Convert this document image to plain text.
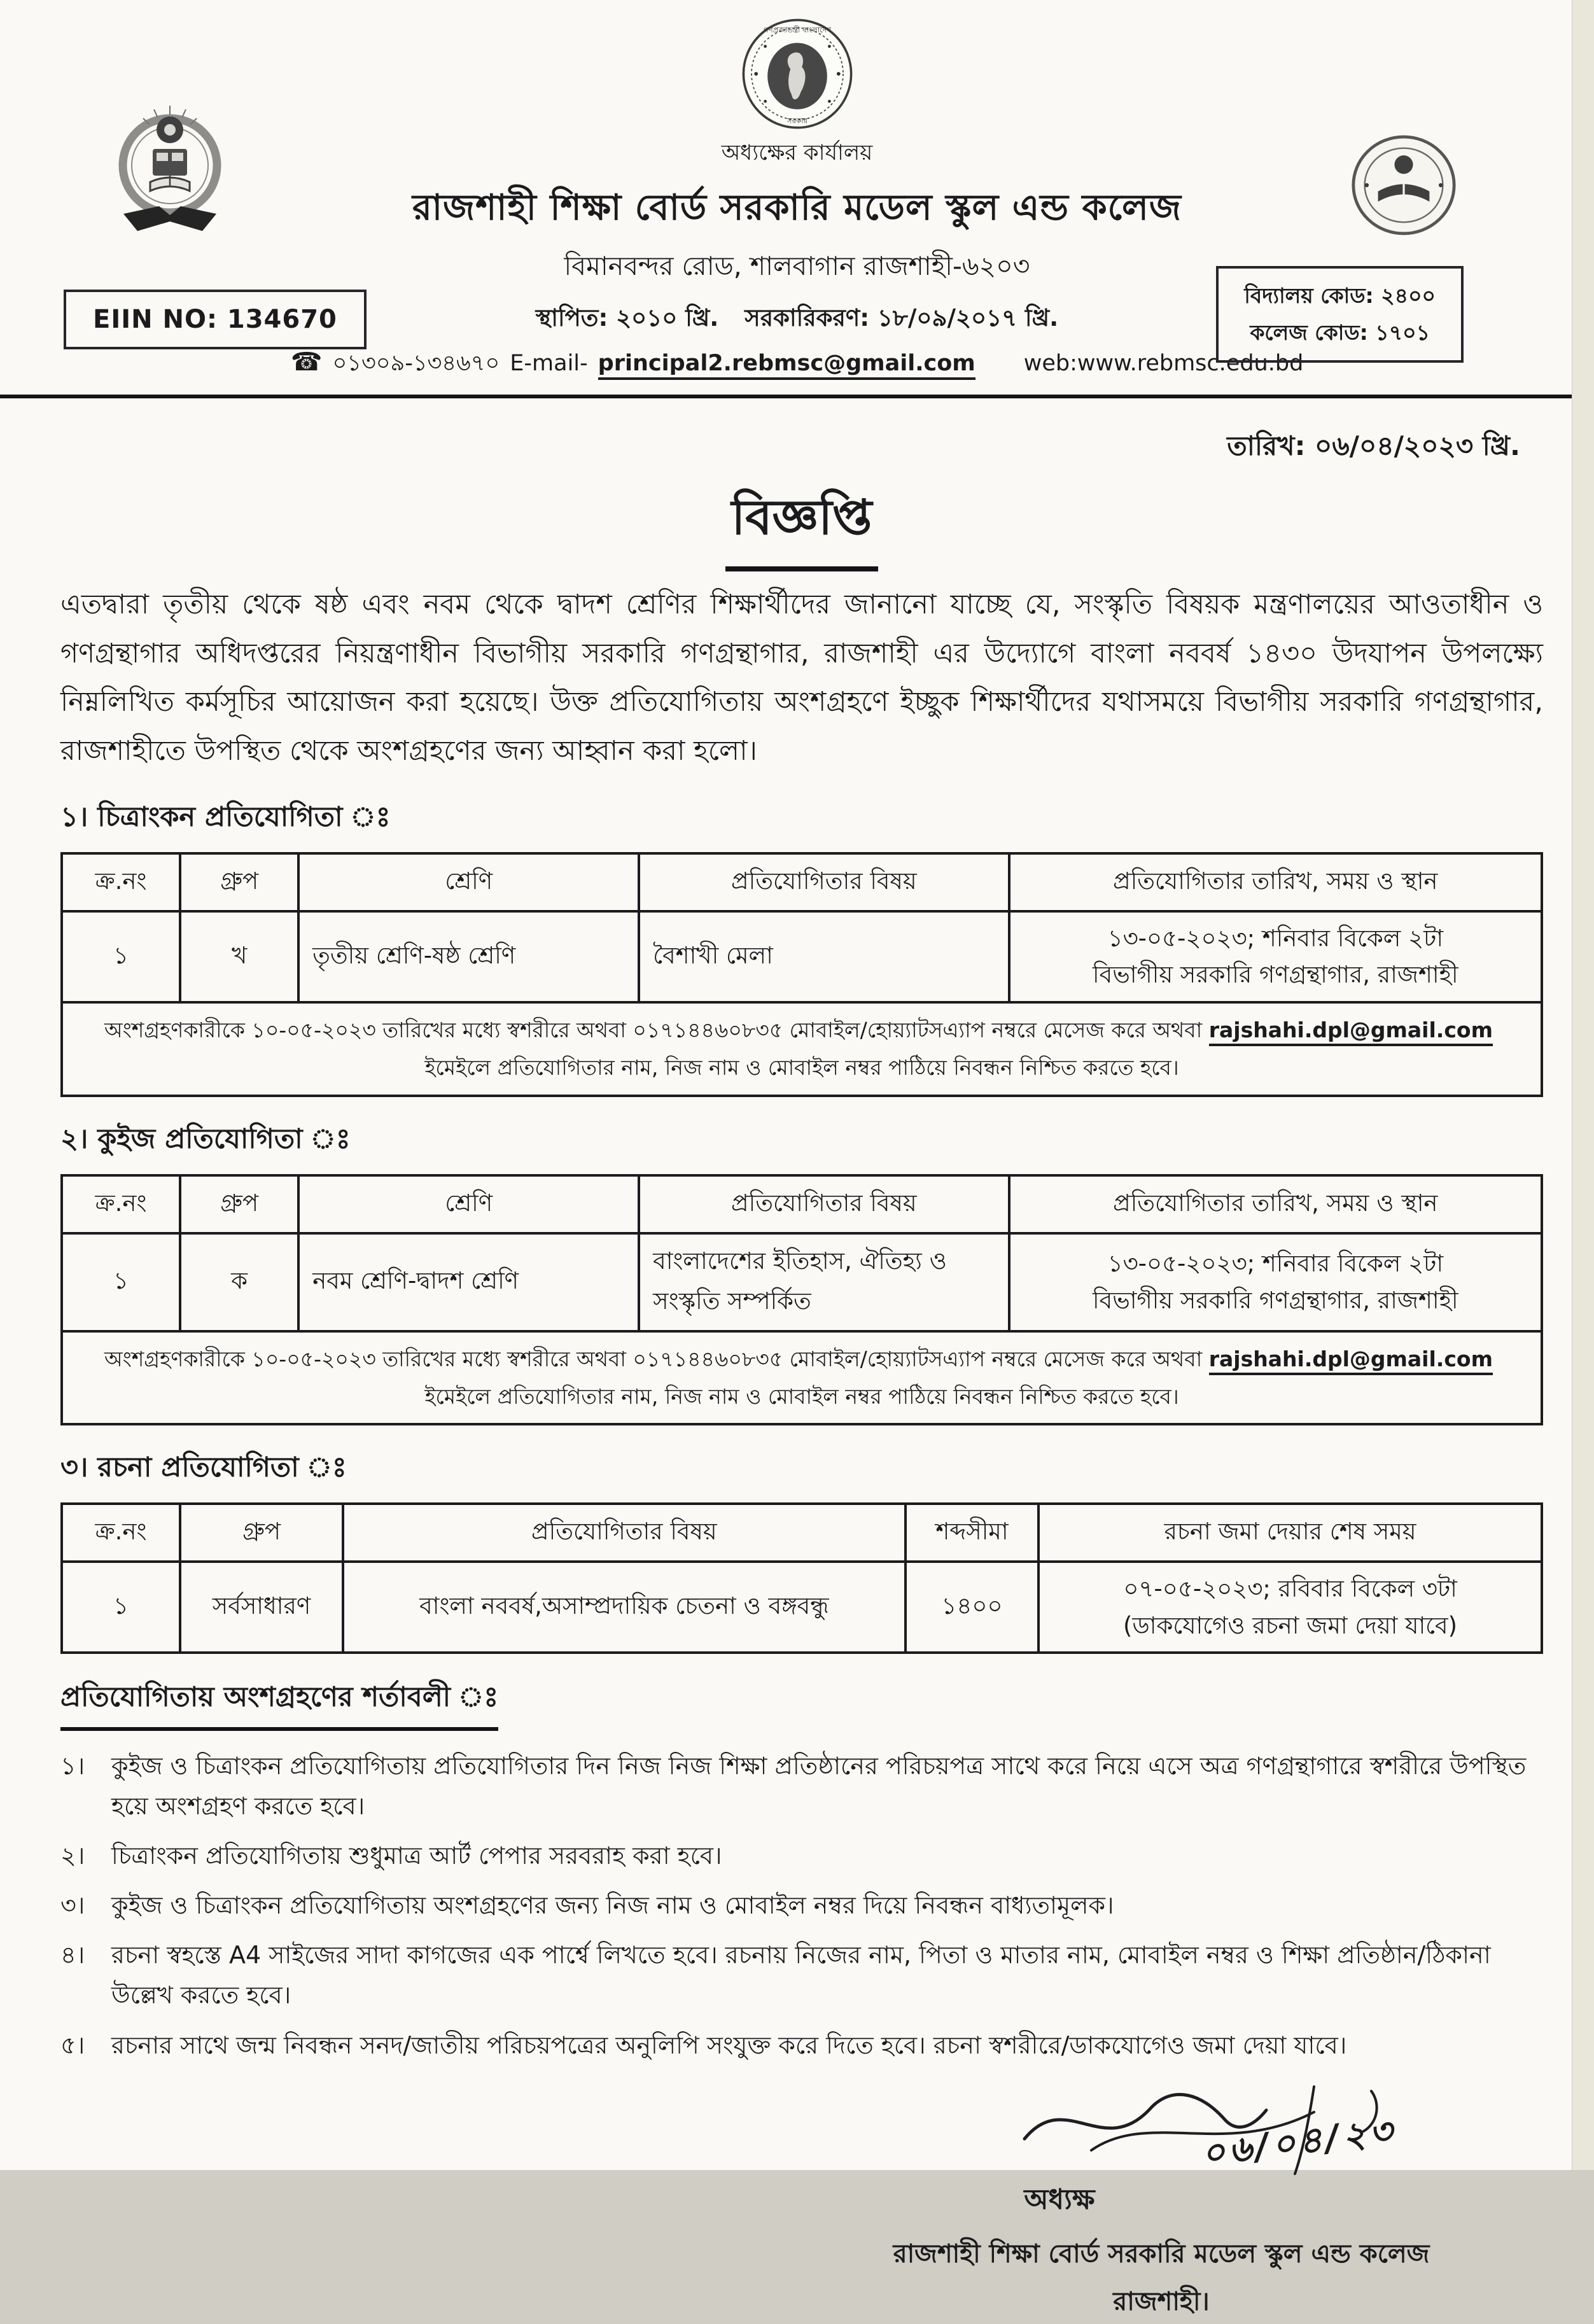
গণপ্রজাতন্ত্রী বাংলাদেশ
সরকার
অধ্যক্ষের কার্যালয়
রাজশাহী শিক্ষা বোর্ড সরকারি মডেল স্কুল এন্ড কলেজ
বিমানবন্দর রোড, শালবাগান রাজশাহী-৬২০৩
স্থাপিত: ২০১০ খ্রি. সরকারিকরণ: ১৮/০৯/২০১৭ খ্রি.
☎ ০১৩০৯-১৩৪৬৭০ E-mail- principal2.rebmsc@gmail.com web:www.rebmsc.edu.bd
EIIN NO: 134670
বিদ্যালয় কোড: ২৪০০
কলেজ কোড: ১৭০১
তারিখ: ০৬/০৪/২০২৩ খ্রি.
বিজ্ঞপ্তি
এতদ্বারা তৃতীয় থেকে ষষ্ঠ এবং নবম থেকে দ্বাদশ শ্রেণির শিক্ষার্থীদের জানানো যাচ্ছে যে, সংস্কৃতি বিষয়ক মন্ত্রণালয়ের আওতাধীন ও গণগ্রন্থাগার অধিদপ্তরের নিয়ন্ত্রণাধীন বিভাগীয় সরকারি গণগ্রন্থাগার, রাজশাহী এর উদ্যোগে বাংলা নববর্ষ ১৪৩০ উদযাপন উপলক্ষ্যে নিম্নলিখিত কর্মসূচির আয়োজন করা হয়েছে। উক্ত প্রতিযোগিতায় অংশগ্রহণে ইচ্ছুক শিক্ষার্থীদের যথাসময়ে বিভাগীয় সরকারি গণগ্রন্থাগার, রাজশাহীতে উপস্থিত থেকে অংশগ্রহণের জন্য আহ্বান করা হলো।
১। চিত্রাংকন প্রতিযোগিতা ঃ
ক্র.নং	গ্রুপ	শ্রেণি	প্রতিযোগিতার বিষয়	প্রতিযোগিতার তারিখ, সময় ও স্থান
১	খ	তৃতীয় শ্রেণি-ষষ্ঠ শ্রেণি	বৈশাখী মেলা	১৩-০৫-২০২৩; শনিবার বিকেল ২টা
বিভাগীয় সরকারি গণগ্রন্থাগার, রাজশাহী

অংশগ্রহণকারীকে ১০-০৫-২০২৩ তারিখের মধ্যে স্বশরীরে অথবা ০১৭১৪৪৬০৮৩৫ মোবাইল/হোয়্যাটসএ্যাপ নম্বরে মেসেজ করে অথবা rajshahi.dpl@gmail.com ইমেইলে প্রতিযোগিতার নাম, নিজ নাম ও মোবাইল নম্বর পাঠিয়ে নিবন্ধন নিশ্চিত করতে হবে।				
২। কুইজ প্রতিযোগিতা ঃ
ক্র.নং	গ্রুপ	শ্রেণি	প্রতিযোগিতার বিষয়	প্রতিযোগিতার তারিখ, সময় ও স্থান
১	ক	নবম শ্রেণি-দ্বাদশ শ্রেণি	বাংলাদেশের ইতিহাস, ঐতিহ্য ও সংস্কৃতি সম্পর্কিত	১৩-০৫-২০২৩; শনিবার বিকেল ২টা
বিভাগীয় সরকারি গণগ্রন্থাগার, রাজশাহী

অংশগ্রহণকারীকে ১০-০৫-২০২৩ তারিখের মধ্যে স্বশরীরে অথবা ০১৭১৪৪৬০৮৩৫ মোবাইল/হোয়্যাটসএ্যাপ নম্বরে মেসেজ করে অথবা rajshahi.dpl@gmail.com ইমেইলে প্রতিযোগিতার নাম, নিজ নাম ও মোবাইল নম্বর পাঠিয়ে নিবন্ধন নিশ্চিত করতে হবে।				
৩। রচনা প্রতিযোগিতা ঃ
ক্র.নং	গ্রুপ	প্রতিযোগিতার বিষয়	শব্দসীমা	রচনা জমা দেয়ার শেষ সময়
১	সর্বসাধারণ	বাংলা নববর্ষ,অসাম্প্রদায়িক চেতনা ও বঙ্গবন্ধু	১৪০০	০৭-০৫-২০২৩; রবিবার বিকেল ৩টা
(ডাকযোগেও রচনা জমা দেয়া যাবে)
প্রতিযোগিতায় অংশগ্রহণের শর্তাবলী ঃ
১।	কুইজ ও চিত্রাংকন প্রতিযোগিতায় প্রতিযোগিতার দিন নিজ নিজ শিক্ষা প্রতিষ্ঠানের পরিচয়পত্র সাথে করে নিয়ে এসে অত্র গণগ্রন্থাগারে স্বশরীরে উপস্থিত হয়ে অংশগ্রহণ করতে হবে।
২।	চিত্রাংকন প্রতিযোগিতায় শুধুমাত্র আর্ট পেপার সরবরাহ করা হবে।
৩।	কুইজ ও চিত্রাংকন প্রতিযোগিতায় অংশগ্রহণের জন্য নিজ নাম ও মোবাইল নম্বর দিয়ে নিবন্ধন বাধ্যতামূলক।
৪।	রচনা স্বহস্তে A4 সাইজের সাদা কাগজের এক পার্শ্বে লিখতে হবে। রচনায় নিজের নাম, পিতা ও মাতার নাম, মোবাইল নম্বর ও শিক্ষা প্রতিষ্ঠান/ঠিকানা উল্লেখ করতে হবে।
৫।	রচনার সাথে জন্ম নিবন্ধন সনদ/জাতীয় পরিচয়পত্রের অনুলিপি সংযুক্ত করে দিতে হবে। রচনা স্বশরীরে/ডাকযোগেও জমা দেয়া যাবে।
০৬/০৪/২৩
অধ্যক্ষ
রাজশাহী শিক্ষা বোর্ড সরকারি মডেল স্কুল এন্ড কলেজ
রাজশাহী।
